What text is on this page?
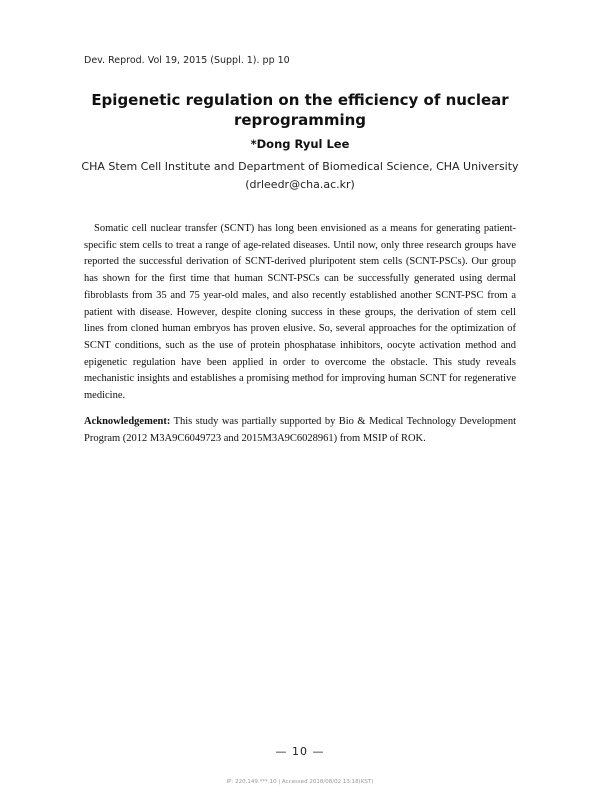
Dev. Reprod. Vol 19, 2015 (Suppl. 1). pp 10
Epigenetic regulation on the efficiency of nuclear reprogramming
*Dong Ryul Lee
CHA Stem Cell Institute and Department of Biomedical Science, CHA University
(drleedr@cha.ac.kr)

Somatic cell nuclear transfer (SCNT) has long been envisioned as a means for generating patient-specific stem cells to treat a range of age-related diseases. Until now, only three research groups have reported the successful derivation of SCNT-derived pluripotent stem cells (SCNT-PSCs). Our group has shown for the first time that human SCNT-PSCs can be successfully generated using dermal fibroblasts from 35 and 75 year-old males, and also recently established another SCNT-PSC from a patient with disease. However, despite cloning success in these groups, the derivation of stem cell lines from cloned human embryos has proven elusive. So, several approaches for the optimization of SCNT conditions, such as the use of protein phosphatase inhibitors, oocyte activation method and epigenetic regulation have been applied in order to overcome the obstacle. This study reveals mechanistic insights and establishes a promising method for improving human SCNT for regenerative medicine.

Acknowledgement: This study was partially supported by Bio & Medical Technology Development Program (2012 M3A9C6049723 and 2015M3A9C6028961) from MSIP of ROK.

— 10 —
IP: 220.149.***.10 | Accessed 2018/08/02 13:18(KST)
